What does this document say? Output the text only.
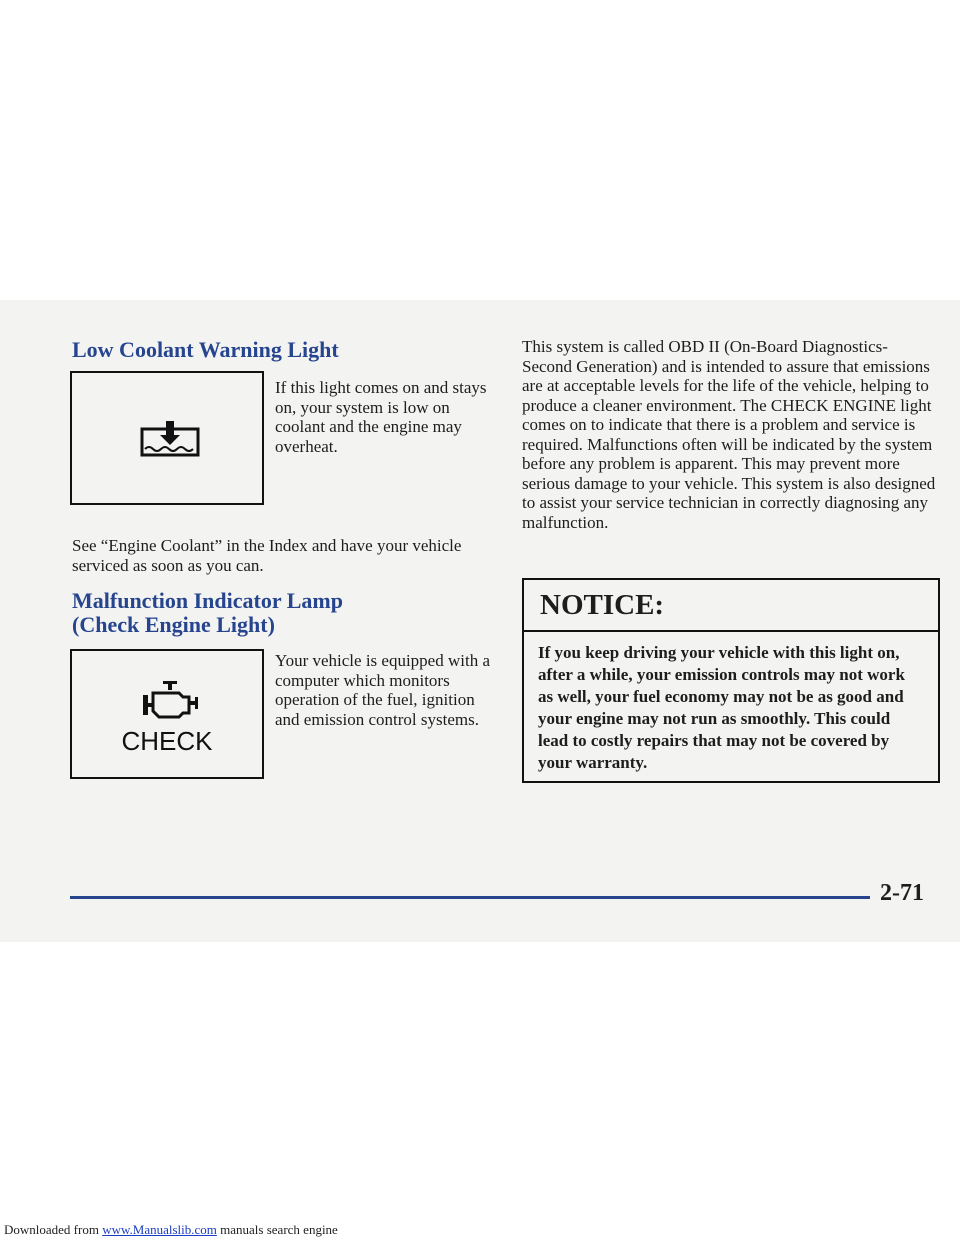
Low Coolant Warning Light

If this light comes on and stays on, your system is low on coolant and the engine may overheat.

See “Engine Coolant” in the Index and have your vehicle serviced as soon as you can.

Malfunction Indicator Lamp
(Check Engine Light)
CHECK

Your vehicle is equipped with a computer which monitors operation of the fuel, ignition and emission control systems.

This system is called OBD II (On-Board Diagnostics-Second Generation) and is intended to assure that emissions are at acceptable levels for the life of the vehicle, helping to produce a cleaner environment. The CHECK ENGINE light comes on to indicate that there is a problem and service is required. Malfunctions often will be indicated by the system before any problem is apparent. This may prevent more serious damage to your vehicle. This system is also designed to assist your service technician in correctly diagnosing any malfunction.

NOTICE:
If you keep driving your vehicle with this light on, after a while, your emission controls may not work as well, your fuel economy may not be as good and your engine may not run as smoothly. This could lead to costly repairs that may not be covered by your warranty.
2-71
Downloaded from www.Manualslib.com manuals search engine
